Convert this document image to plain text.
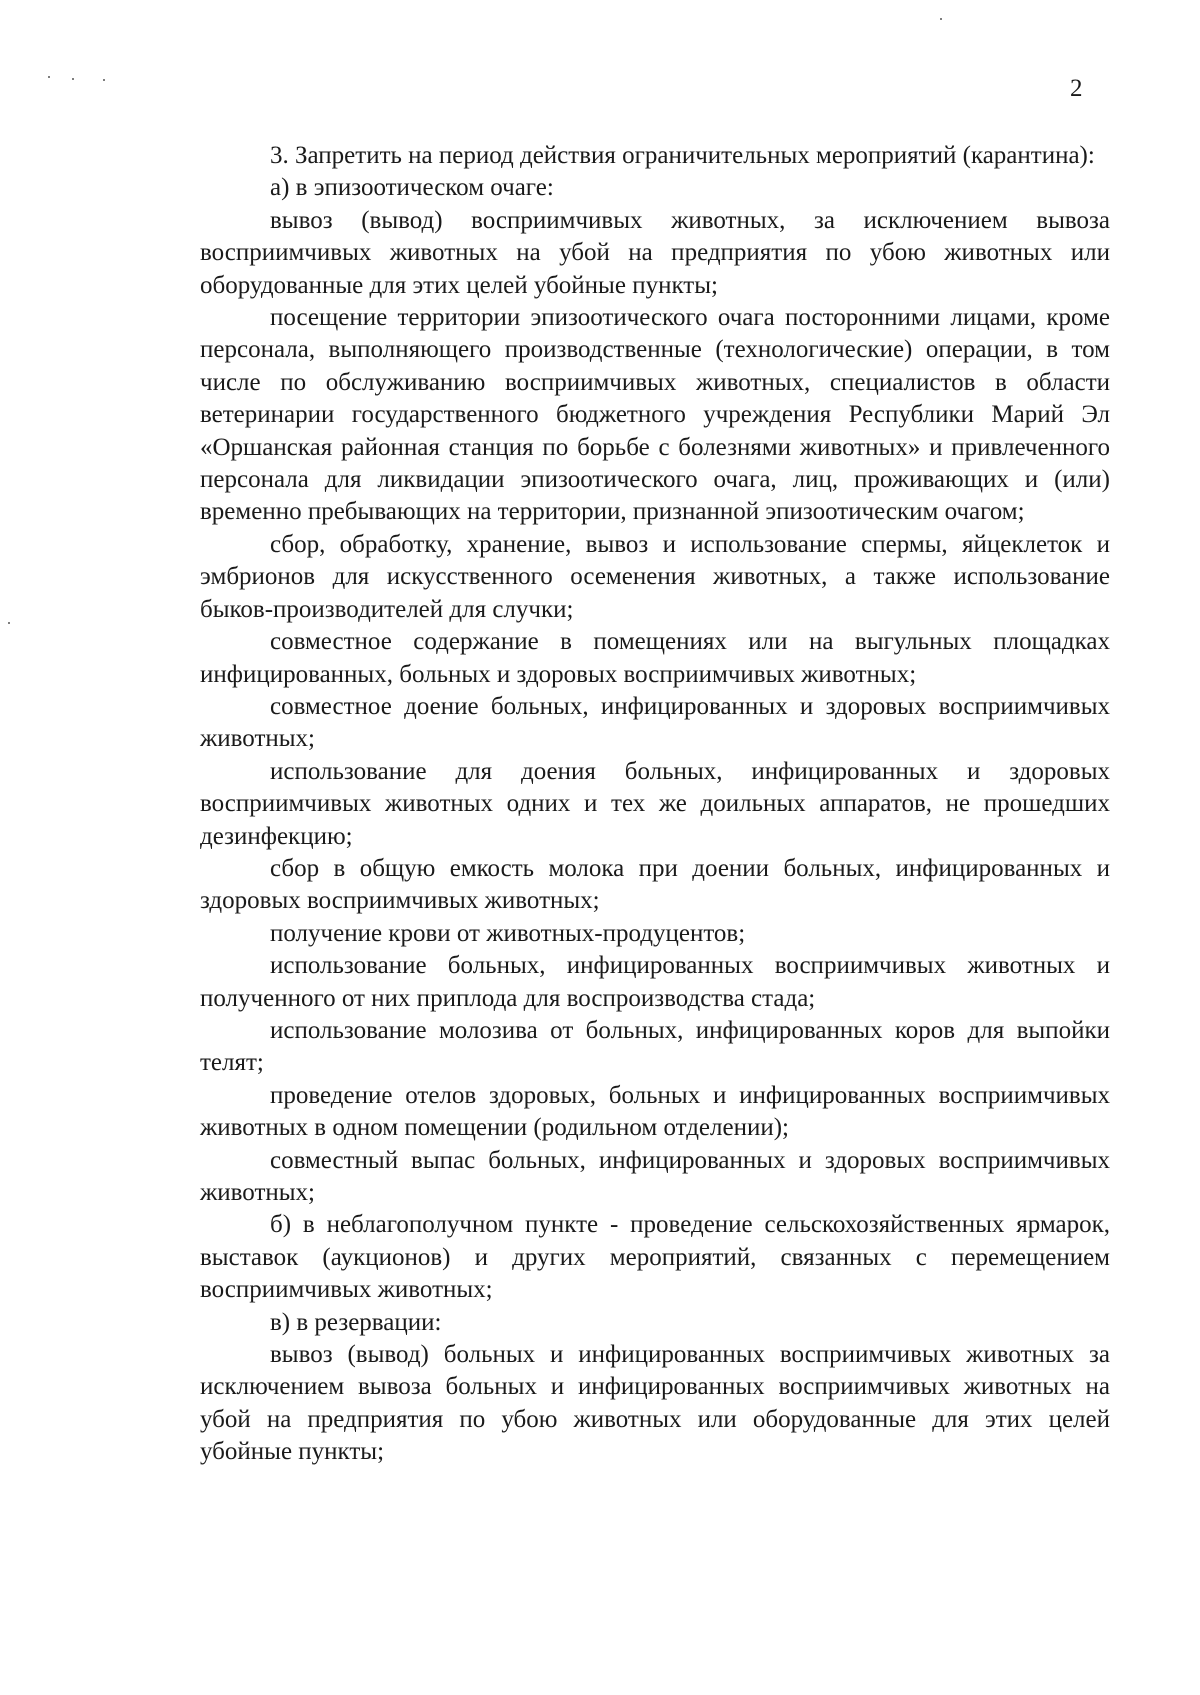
2

3. Запретить на период действия ограничительных мероприятий (карантина):

а) в эпизоотическом очаге:

вывоз (вывод) восприимчивых животных, за исключением вывоза восприимчивых животных на убой на предприятия по убою животных или оборудованные для этих целей убойные пункты;

посещение территории эпизоотического очага посторонними лицами, кроме персонала, выполняющего производственные (технологические) операции, в том числе по обслуживанию восприимчивых животных, специалистов в области ветеринарии государственного бюджетного учреждения Республики Марий Эл «Оршанская районная станция по борьбе с болезнями животных» и привлеченного персонала для ликвидации эпизоотического очага, лиц, проживающих и (или) временно пребывающих на территории, признанной эпизоотическим очагом;

сбор, обработку, хранение, вывоз и использование спермы, яйцеклеток и эмбрионов для искусственного осеменения животных, а также использование быков-производителей для случки;

совместное содержание в помещениях или на выгульных площадках инфицированных, больных и здоровых восприимчивых животных;

совместное доение больных, инфицированных и здоровых восприимчивых животных;

использование для доения больных, инфицированных и здоровых восприимчивых животных одних и тех же доильных аппаратов, не прошедших дезинфекцию;

сбор в общую емкость молока при доении больных, инфицированных и здоровых восприимчивых животных;

получение крови от животных-продуцентов;

использование больных, инфицированных восприимчивых животных и полученного от них приплода для воспроизводства стада;

использование молозива от больных, инфицированных коров для выпойки телят;

проведение отелов здоровых, больных и инфицированных восприимчивых животных в одном помещении (родильном отделении);

совместный выпас больных, инфицированных и здоровых восприимчивых животных;

б) в неблагополучном пункте - проведение сельскохозяйственных ярмарок, выставок (аукционов) и других мероприятий, связанных с перемещением восприимчивых животных;

в) в резервации:

вывоз (вывод) больных и инфицированных восприимчивых животных за исключением вывоза больных и инфицированных восприимчивых животных на убой на предприятия по убою животных или оборудованные для этих целей убойные пункты;
